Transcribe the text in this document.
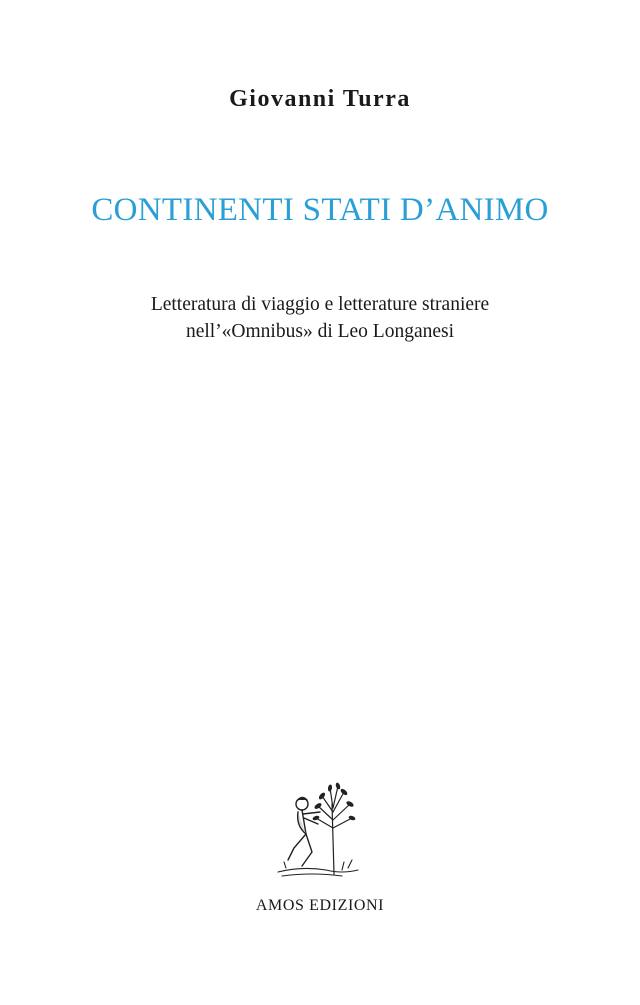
Giovanni Turra
CONTINENTI STATI D’ANIMO
Letteratura di viaggio e letterature straniere
nell’«Omnibus» di Leo Longanesi
AMOS EDIZIONI
